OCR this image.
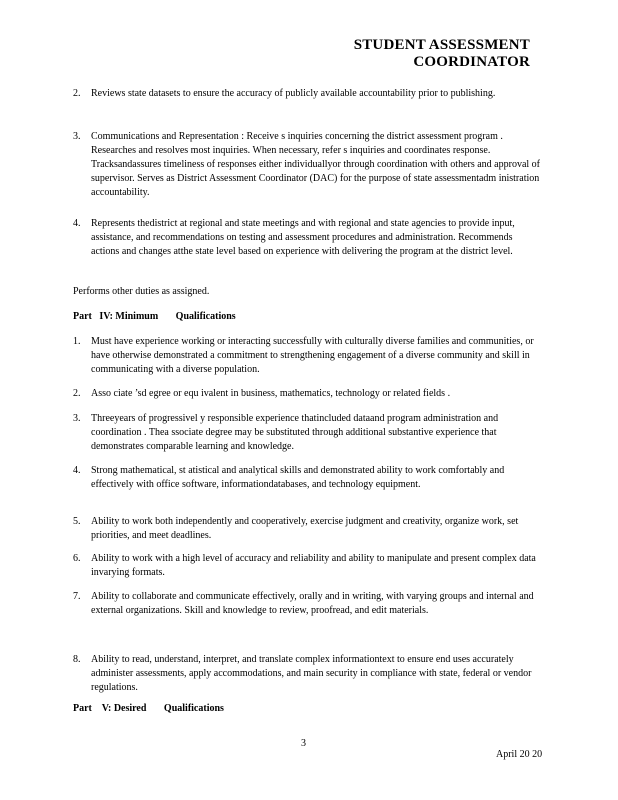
STUDENT ASSESSMENT
COORDINATOR
2.	Reviews state datasets to ensure the accuracy of publicly available accountability prior to publishing.
3.	Communications and Representation : Receive s inquiries concerning the district assessment program . Researches and resolves most inquiries. When necessary, refer s inquiries and coordinates response. Tracksandassures timeliness of responses either individuallyor through coordination with others and approval of supervisor. Serves as District Assessment Coordinator (DAC) for the purpose of state assessmentadm inistration accountability.
4.	Represents thedistrict at regional and state meetings and with regional and state agencies to provide input, assistance, and recommendations on testing and assessment procedures and administration. Recommends actions and changes atthe state level based on experience with delivering the program at the district level.
Performs other duties as assigned.
Part   IV: Minimum       Qualifications
1.	Must have experience working or interacting successfully with culturally diverse families and communities, or have otherwise demonstrated a commitment to strengthening engagement of a diverse community and skill in communicating with a diverse population.
2.	Asso ciate ’sd egree or equ ivalent in business, mathematics, technology or related fields .
3.	Threeyears of progressivel y responsible experience thatincluded dataand program administration and coordination . Thea ssociate degree may be substituted through additional substantive experience that demonstrates comparable learning and knowledge.
4.	Strong mathematical, st atistical and analytical skills and demonstrated ability to work comfortably and effectively with office software, informationdatabases, and technology equipment.
5.	Ability to work both independently and cooperatively, exercise judgment and creativity, organize work, set priorities, and meet deadlines.
6.	Ability to work with a high level of accuracy and reliability and ability to manipulate and present complex data invarying formats.
7.	Ability to collaborate and communicate effectively, orally and in writing, with varying groups and internal and external organizations. Skill and knowledge to review, proofread, and edit materials.
8.	Ability to read, understand, interpret, and translate complex informationtext to ensure end uses accurately administer assessments, apply accommodations, and main security in compliance with state, federal or vendor regulations.
Part    V: Desired       Qualifications
3
April 20 20
